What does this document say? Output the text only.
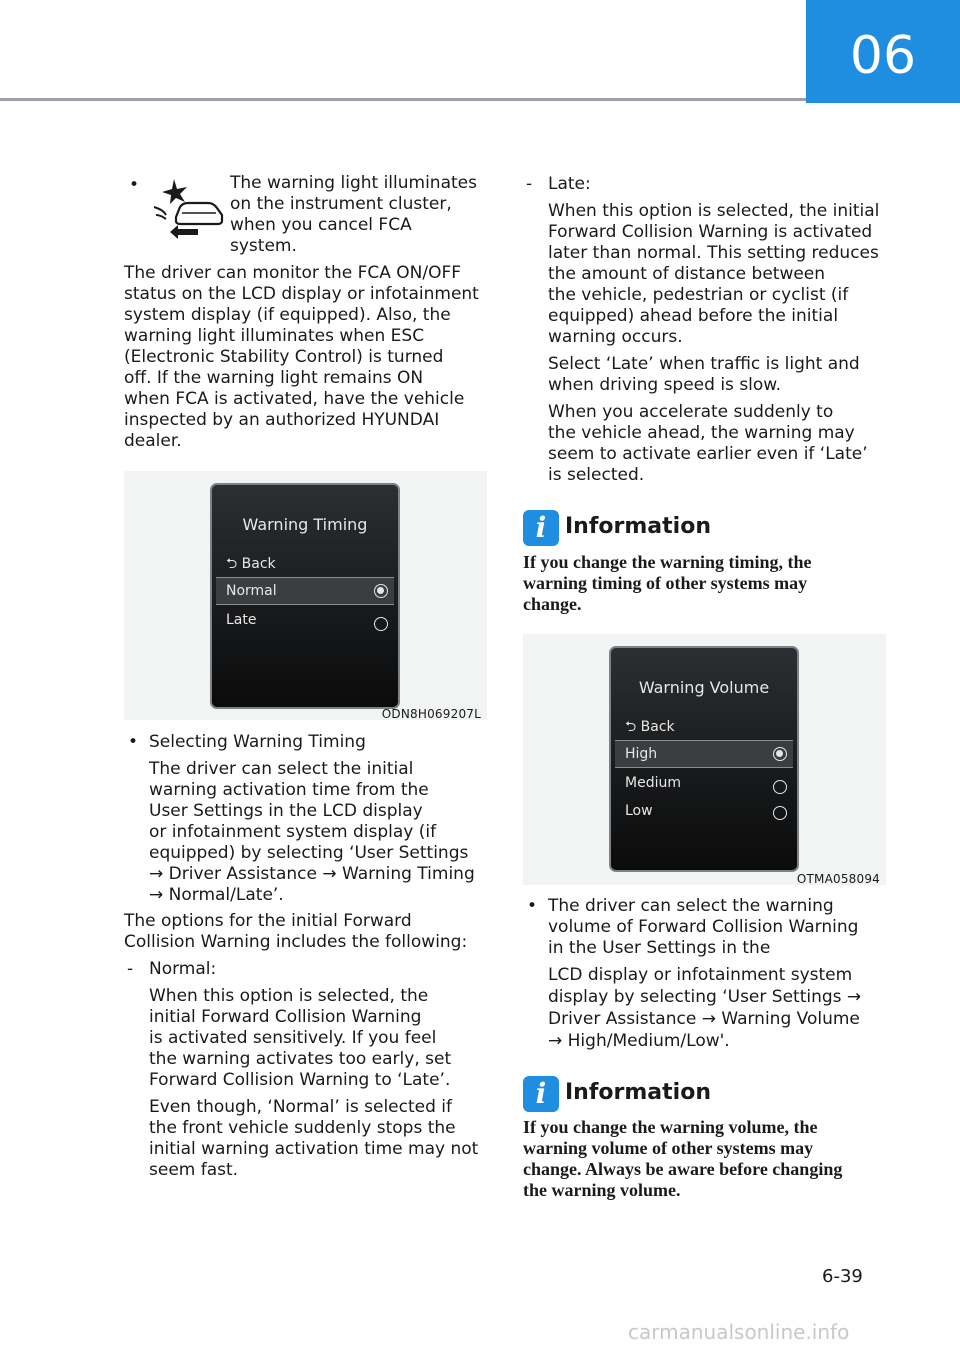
06
•	The warning light illuminates
on the instrument cluster,
when you cancel FCA
system.
The driver can monitor the FCA ON/OFF
status on the LCD display or infotainment
system display (if equipped). Also, the
warning light illuminates when ESC
(Electronic Stability Control) is turned
off. If the warning light remains ON
when FCA is activated, have the vehicle
inspected by an authorized HYUNDAI
dealer.
Warning Timing
⮌ Back
Normal
Late
ODN8H069207L
• Selecting Warning Timing
The driver can select the initial
warning activation time from the
User Settings in the LCD display
or infotainment system display (if
equipped) by selecting ‘User Settings
→ Driver Assistance → Warning Timing
→ Normal/Late’.
The options for the initial Forward
Collision Warning includes the following:
- Normal:
When this option is selected, the
initial Forward Collision Warning
is activated sensitively. If you feel
the warning activates too early, set
Forward Collision Warning to ‘Late’.
Even though, ‘Normal’ is selected if
the front vehicle suddenly stops the
initial warning activation time may not
seem fast.
- Late:
When this option is selected, the initial
Forward Collision Warning is activated
later than normal. This setting reduces
the amount of distance between
the vehicle, pedestrian or cyclist (if
equipped) ahead before the initial
warning occurs.
Select ‘Late’ when traffic is light and
when driving speed is slow.
When you accelerate suddenly to
the vehicle ahead, the warning may
seem to activate earlier even if ‘Late’
is selected.
i Information
If you change the warning timing, the
warning timing of other systems may
change.
Warning Volume
⮌ Back
High
Medium
Low
OTMA058094
• The driver can select the warning
volume of Forward Collision Warning
in the User Settings in the
LCD display or infotainment system
display by selecting ‘User Settings →
Driver Assistance → Warning Volume
→ High/Medium/Low'.
i Information
If you change the warning volume, the
warning volume of other systems may
change. Always be aware before changing
the warning volume.
6-39
carmanualsonline.info
